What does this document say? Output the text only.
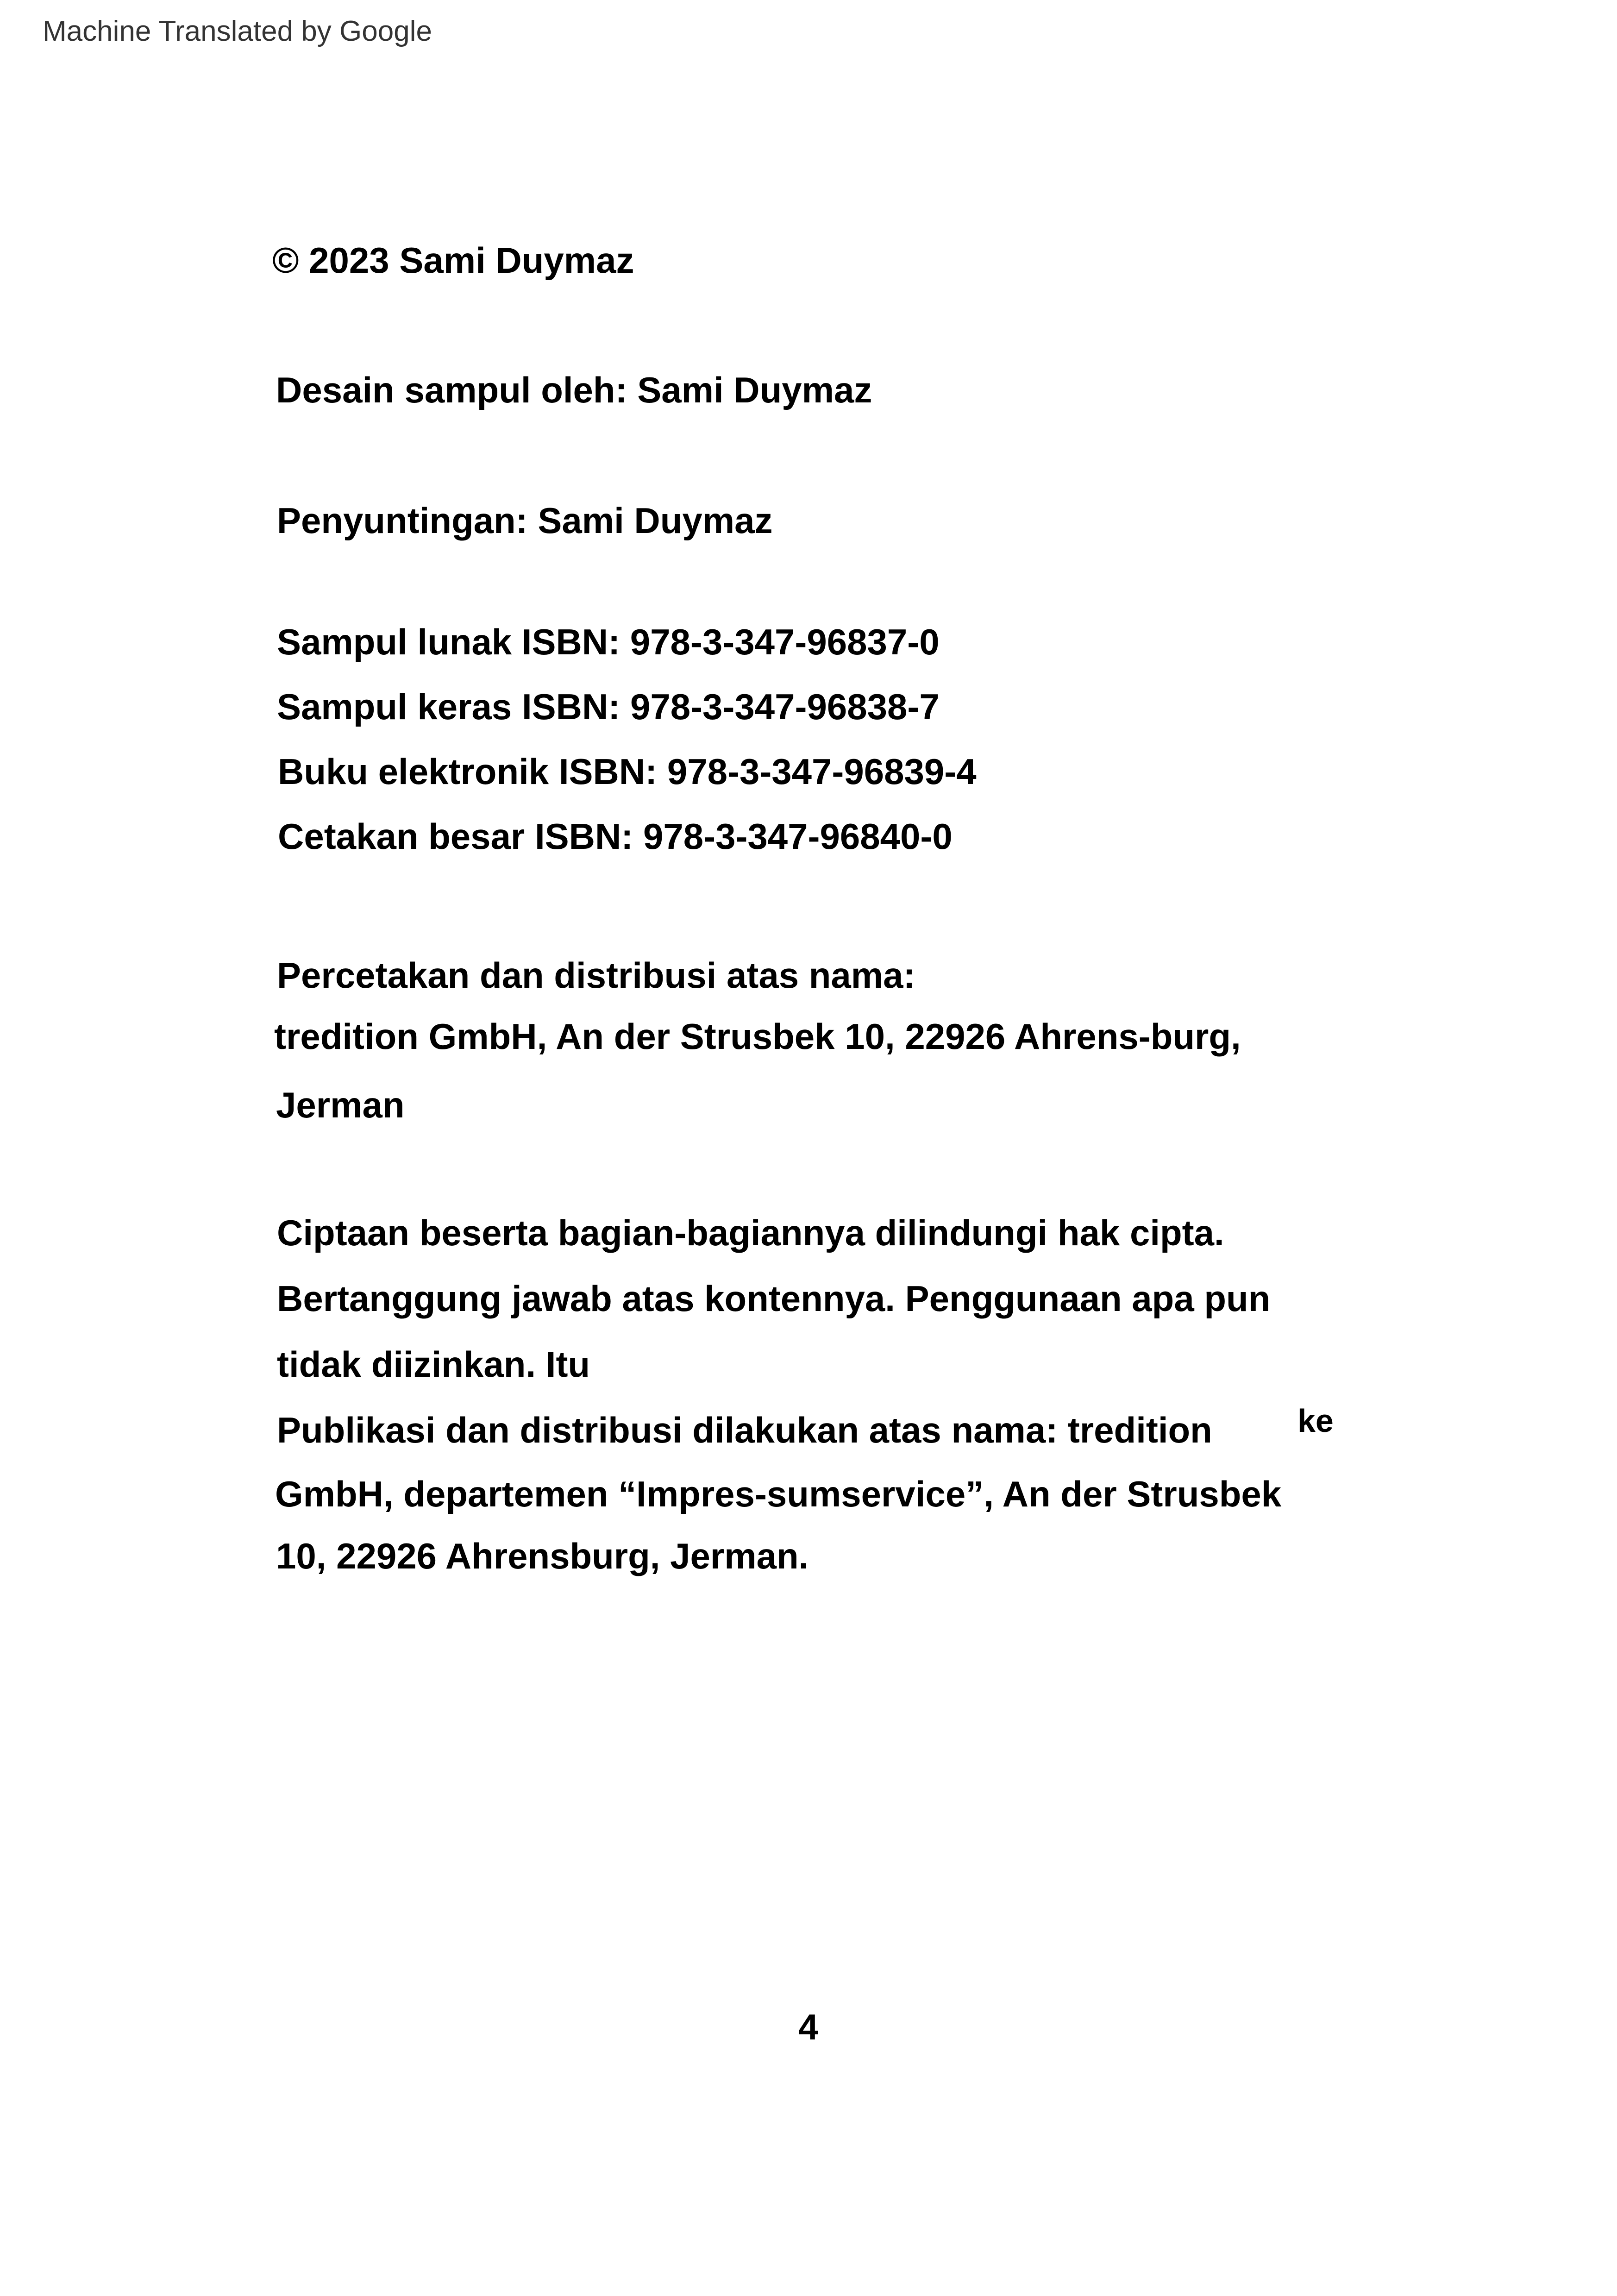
Machine Translated by Google
© 2023 Sami Duymaz
Desain sampul oleh: Sami Duymaz
Penyuntingan: Sami Duymaz
Sampul lunak ISBN: 978-3-347-96837-0
Sampul keras ISBN: 978-3-347-96838-7
Buku elektronik ISBN: 978-3-347-96839-4
Cetakan besar ISBN: 978-3-347-96840-0
Percetakan dan distribusi atas nama:
tredition GmbH, An der Strusbek 10, 22926 Ahrens-burg,
Jerman
Ciptaan beserta bagian-bagiannya dilindungi hak cipta.
Bertanggung jawab atas kontennya. Penggunaan apa pun
tidak diizinkan. Itu
Publikasi dan distribusi dilakukan atas nama: tredition	ke
GmbH, departemen “Impres-sumservice”, An der Strusbek
10, 22926 Ahrensburg, Jerman.
4
